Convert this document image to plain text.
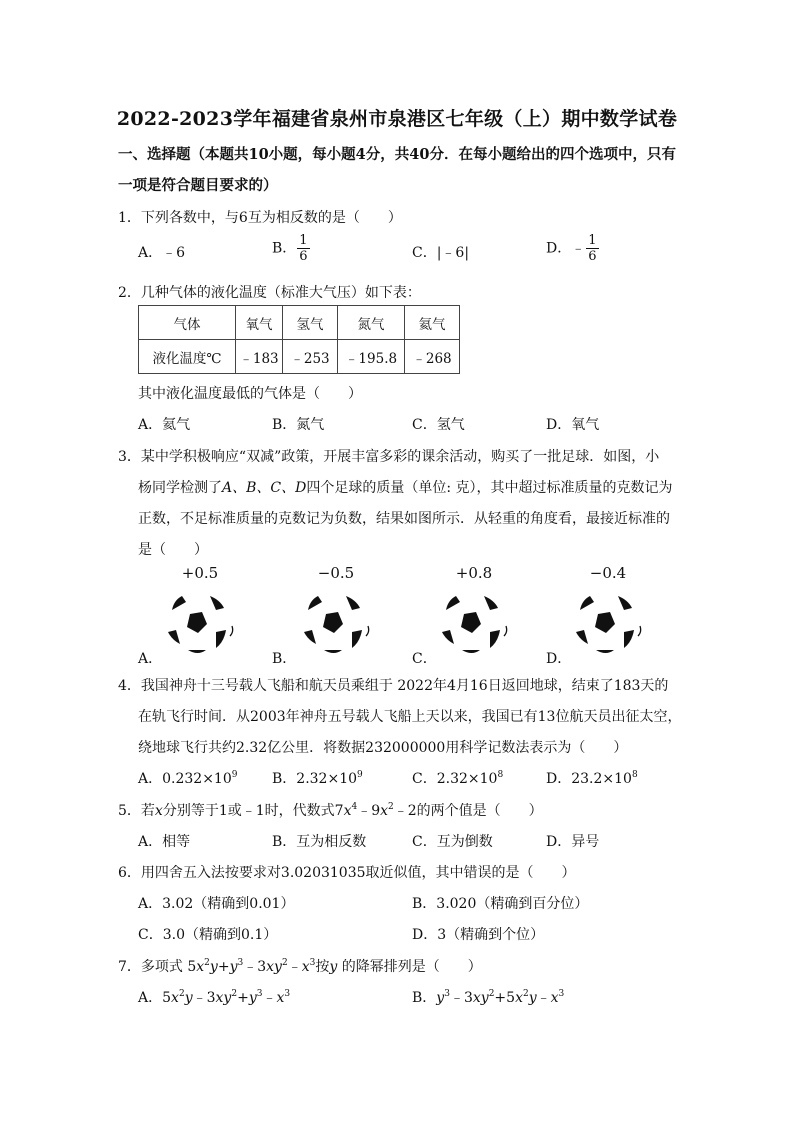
2022-2023学年福建省泉州市泉港区七年级（上）期中数学试卷
一、选择题（本题共10小题，每小题4分，共40分．在每小题给出的四个选项中，只有
一项是符合题目要求的）
1．下列各数中，与6互为相反数的是（　　）
A．﹣6	B． $\frac{1}{6}$	C．|﹣6|	D．﹣ $\frac{1}{6}$
2．几种气体的液化温度（标准大气压）如下表：
气体	氧气	氢气	氮气	氦气
液化温度℃	﹣183	﹣253	﹣195.8	﹣268
其中液化温度最低的气体是（　　）
A．氦气	B．氮气	C．氢气	D．氧气
3．某中学积极响应“双减”政策，开展丰富多彩的课余活动，购买了一批足球．如图，小
杨同学检测了A、B、C、D四个足球的质量（单位: 克），其中超过标准质量的克数记为
正数，不足标准质量的克数记为负数，结果如图所示．从轻重的角度看，最接近标准的
是（　　）
+0.5	−0.5	+0.8	−0.4
A．	B．	C．	D．
4．我国神舟十三号载人飞船和航天员乘组于 2022年4月16日返回地球，结束了183天的
在轨飞行时间．从2003年神舟五号载人飞船上天以来，我国已有13位航天员出征太空，
绕地球飞行共约2.32亿公里．将数据232000000用科学记数法表示为（　　）
A．$0.232\times 10^9$ B．$2.32\times 10^9$	C．$2.32\times 10^8$	D．$23.2\times 10^8$
5．若x分别等于1或﹣1时，代数式$7x^4﹣9x^2﹣2$的两个值是（　　）
A．相等	B．互为相反数	C．互为倒数	D．异号
6．用四舍五入法按要求对3.02031035取近似值，其中错误的是（　　）
A．3.02（精确到0.01）	B．3.020（精确到百分位）
C．3.0（精确到0.1）	D．3（精确到个位）
7．多项式 $5x^2y+y^3﹣3xy^2﹣x^3$按y 的降幂排列是（　　）
A．$5x^2y﹣3xy^2+y^3﹣x^3$	B．$y^3﹣3xy^2+5x^2y﹣x^3$
